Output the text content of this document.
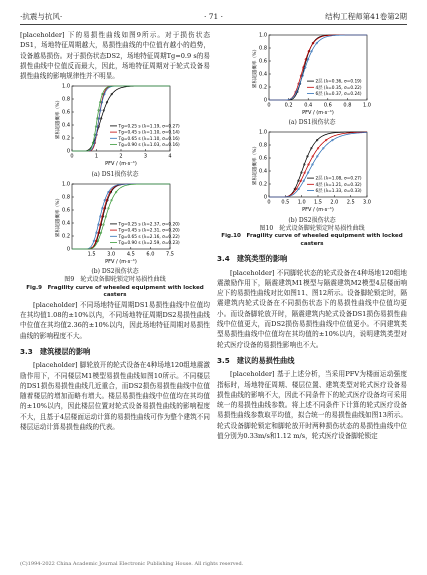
·抗震与抗风·	· 71 ·	结构工程师第41卷第2期

[placeholder] 下的易损性曲线如图9所示。对于损伤状态DS1，场地特征周期越大，易损性曲线的中位值有越小的趋势，设备越易损伤。对于损伤状态DS2，场地特征周期Tg=0.9 s的易损性曲线中位值反而最大，因此，场地特征周期对于轮式设备易损性曲线的影响规律性并不明显。

0	1	2	3	4
0
0.2
0.4
0.6
0.8
1.0
PFV / (m·s⁻¹)
累积超越概率（%）	Tg=0.25 s (λ=1.19, σ=0.27)
Tg=0.45 s (λ=1.10, σ=0.14)
Tg=0.65 s (λ=1.10, σ=0.16)
Tg=0.90 s (λ=1.03, σ=0.16)
(a) DS1损伤状态
1.5 3.0 4.5 6.0 7.5
0
0.2
0.4
0.6
0.8
1.0
PFV / (m·s⁻¹)
累积超越概率（%）	Tg=0.25 s (λ=2.37, σ=0.20)
Tg=0.45 s (λ=2.31, σ=0.20)
Tg=0.65 s (λ=2.16, σ=0.22)
Tg=0.90 s (λ=2.59, σ=0.23)
(b) DS2损伤状态
图9　轮式设备脚轮锁定时易损性曲线
Fig.9　Fragility curve of wheeled equipment with locked casters

[placeholder] 不同场地特征周期DS1易损性曲线中位值均在其均值1.08的±10%以内，不同场地特征周期DS2易损性曲线中位值在其均值2.36的±10%以内，因此场地特征周期对易损性曲线的影响程度不大。

3.3　建筑楼层的影响

[placeholder] 脚轮放开的轮式设备在4种场地120组地震激励作用下，不同楼层M1模型易损性曲线如图10所示。不同楼层的DS1损伤易损性曲线几近重合，而DS2损伤易损性曲线中位值随着楼层的增加而略有增大。楼层易损性曲线中位值均在其均值的±10%以内，因此楼层位置对轮式设备易损性曲线的影响程度不大，且基于4层楼面运动计算的易损性曲线可作为整个建筑不同楼层运动计算易损性曲线的代表。

0	0.2 0.4 0.6 0.8 1.0
0
0.2
0.4
0.6
0.8
1.0
PFV / (m·s⁻¹)
累积超越概率（%）	2层 (λ=0.36, σ=0.19)
4层 (λ=0.35, σ=0.22)
6层 (λ=0.37, σ=0.24)
(a) DS1损伤状态
0 0.5 1.0 1.5 2.0 2.5 3.0
0
0.2
0.4
0.6
0.8
1.0
PFV / (m·s⁻¹)
累积超越概率（%）	2层 (λ=1.08, σ=0.27)
4层 (λ=1.21, σ=0.32)
6层 (λ=1.33, σ=0.33)
(b) DS2损伤状态
图10　轮式设备脚轮锁定时易损性曲线
Fig.10　Fragility curve of wheeled equipment with locked casters
3.4　建筑类型的影响

[placeholder] 不同脚轮状态的轮式设备在4种场地120组地震激励作用下，隔震建筑M1模型与隔震建筑M2模型4层楼面响应下的易损性曲线对比如图11、图12所示。设备脚轮锁定时，隔震建筑内轮式设备在不同损伤状态下的易损性曲线中位值均更小。而设备脚轮放开时，隔震建筑内轮式设备DS1损伤易损性曲线中位值更大，而DS2损伤易损性曲线中位值更小。不同建筑类型易损性曲线中位值均在其均值的±10%以内，说明建筑类型对轮式医疗设备的易损性影响也不大。

3.5　建议的易损性曲线

[placeholder] 基于上述分析，当采用PFV为楼面运动强度指标时，场地特征周期、楼层位置、建筑类型对轮式医疗设备易损性曲线的影响不大，因此不同条件下的轮式医疗设备均可采用统一的易损性曲线参数。将上述不同条件下计算的轮式医疗设备易损性曲线参数取平均值，拟合统一的易损性曲线如图13所示。轮式设备脚轮锁定和脚轮放开时两种损伤状态的易损性曲线中位值分别为0.33m/s和1.12 m/s，轮式医疗设备脚轮锁定

(C)1994-2022 China Academic Journal Electronic Publishing House. All rights reserved.
